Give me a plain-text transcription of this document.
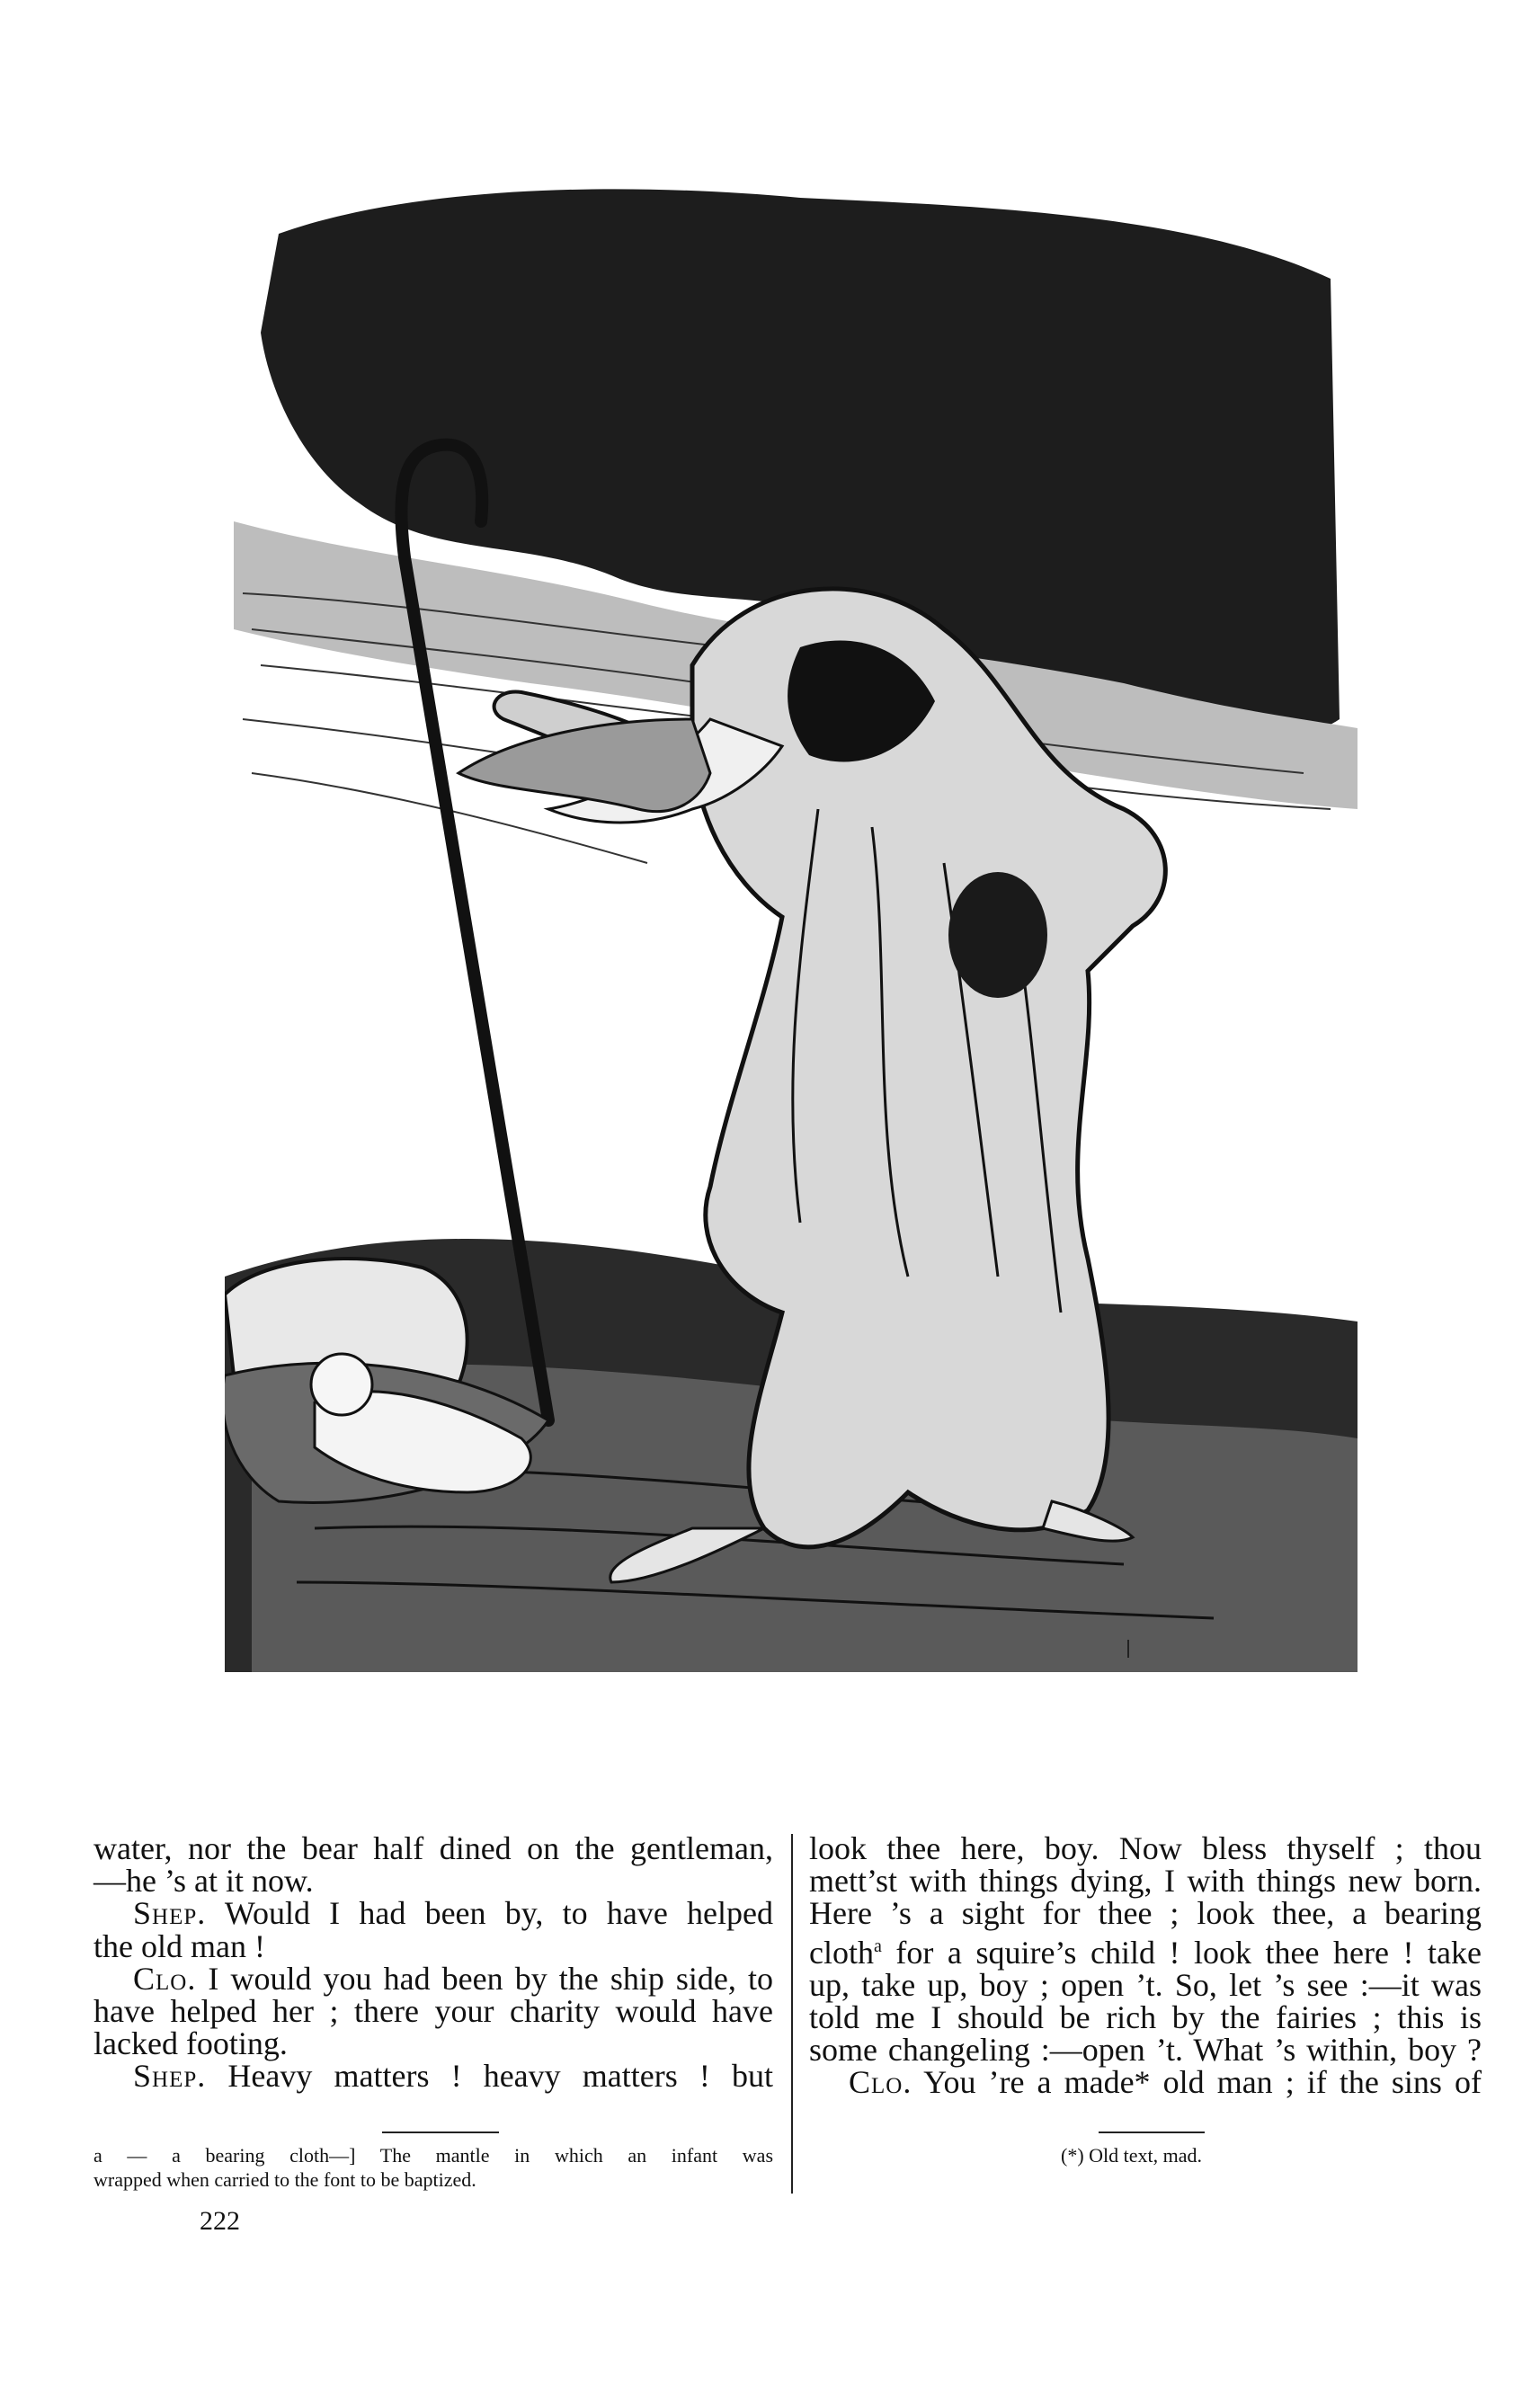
water, nor the bear half dined on the gentleman,
—he ’s at it now.
Shep. Would I had been by, to have helped
the old man !
Clo. I would you had been by the ship side, to
have helped her ; there your charity would have
lacked footing.
Shep. Heavy matters ! heavy matters ! but
look thee here, boy. Now bless thyself ; thou
mett’st with things dying, I with things new born.
Here ’s a sight for thee ; look thee, a bearing
cloth$^a$ for a squire’s child ! look thee here ! take
up, take up, boy ; open ’t. So, let ’s see :—it was
told me I should be rich by the fairies ; this is
some changeling :—open ’t. What ’s within, boy ?
Clo. You ’re a made* old man ; if the sins of
a — a bearing cloth—] The mantle in which an infant was
wrapped when carried to the font to be baptized.
(*) Old text, mad.
222
